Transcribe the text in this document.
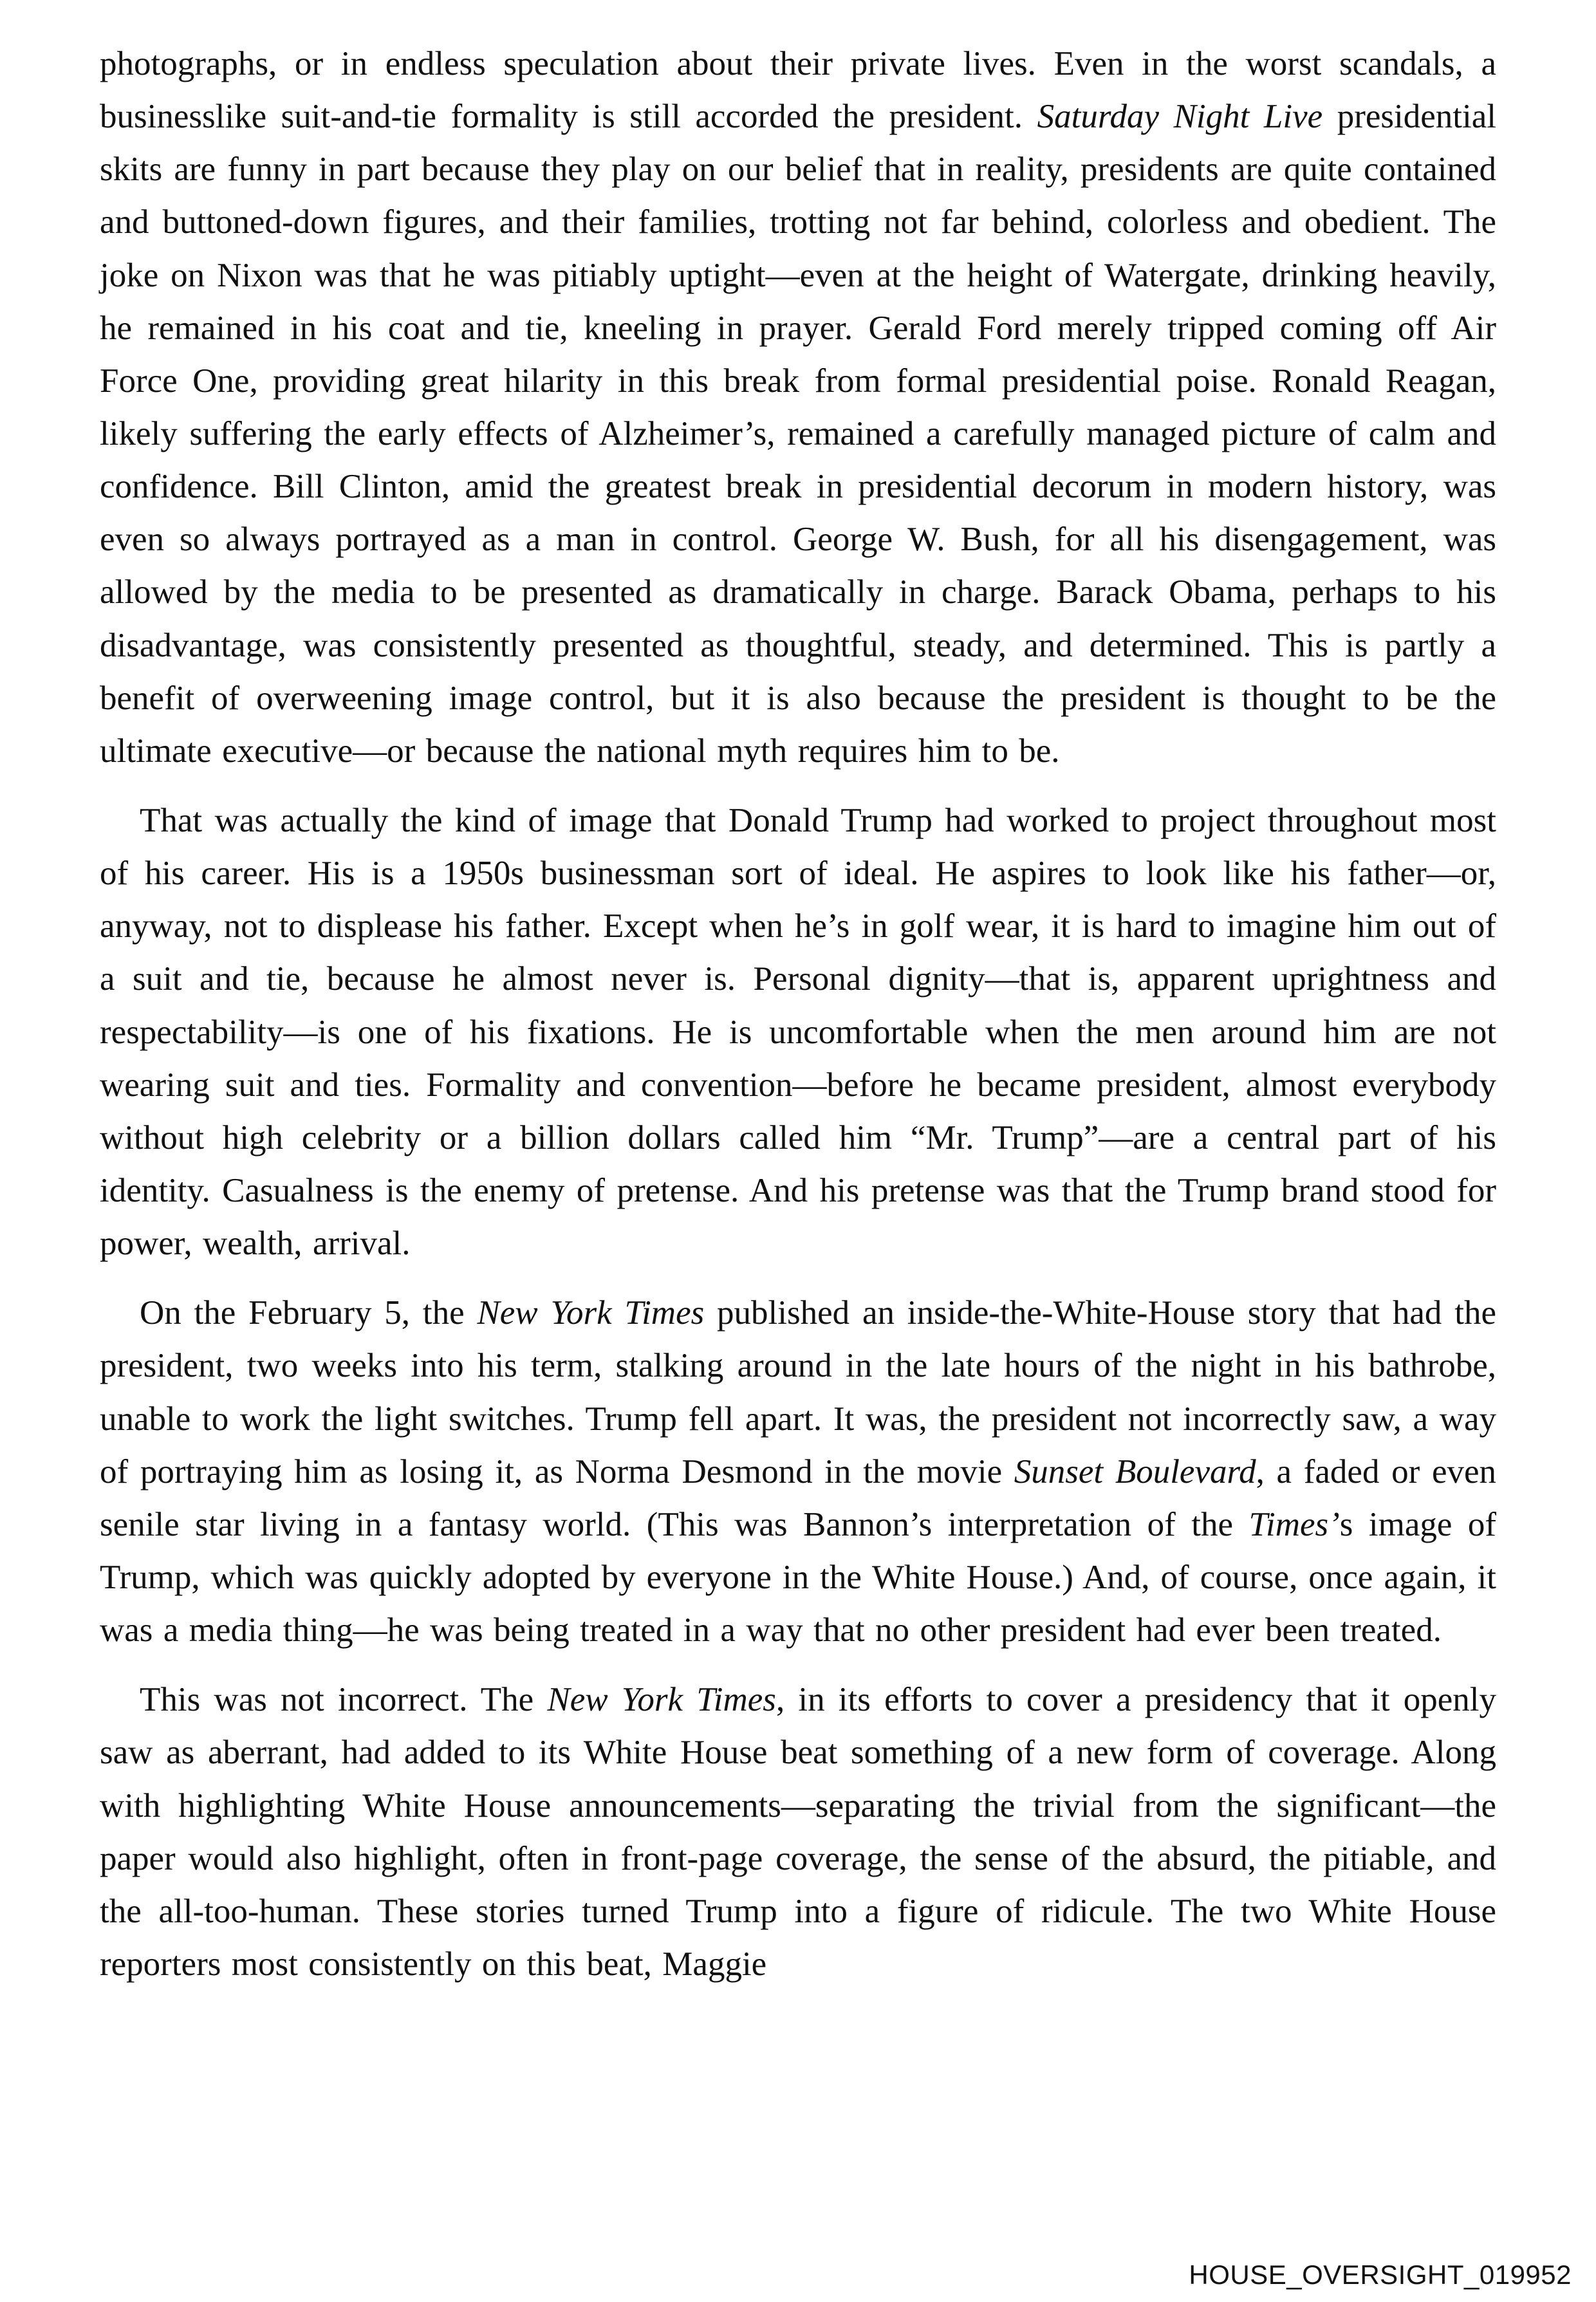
photographs, or in endless speculation about their private lives. Even in the worst scandals, a businesslike suit-and-tie formality is still accorded the president. Saturday Night Live presidential skits are funny in part because they play on our belief that in reality, presidents are quite contained and buttoned-down figures, and their families, trotting not far behind, colorless and obedient. The joke on Nixon was that he was pitiably uptight—even at the height of Watergate, drinking heavily, he remained in his coat and tie, kneeling in prayer. Gerald Ford merely tripped coming off Air Force One, providing great hilarity in this break from formal presidential poise. Ronald Reagan, likely suffering the early effects of Alzheimer’s, remained a carefully managed picture of calm and confidence. Bill Clinton, amid the greatest break in presidential decorum in modern history, was even so always portrayed as a man in control. George W. Bush, for all his disengagement, was allowed by the media to be presented as dramatically in charge. Barack Obama, perhaps to his disadvantage, was consistently presented as thoughtful, steady, and determined. This is partly a benefit of overweening image control, but it is also because the president is thought to be the ultimate executive—or because the national myth requires him to be.

That was actually the kind of image that Donald Trump had worked to project throughout most of his career. His is a 1950s businessman sort of ideal. He aspires to look like his father—or, anyway, not to displease his father. Except when he’s in golf wear, it is hard to imagine him out of a suit and tie, because he almost never is. Personal dignity—that is, apparent uprightness and respectability—is one of his fixations. He is uncomfortable when the men around him are not wearing suit and ties. Formality and convention—before he became president, almost everybody without high celebrity or a billion dollars called him “Mr. Trump”—are a central part of his identity. Casualness is the enemy of pretense. And his pretense was that the Trump brand stood for power, wealth, arrival.

On the February 5, the New York Times published an inside-the-White-House story that had the president, two weeks into his term, stalking around in the late hours of the night in his bathrobe, unable to work the light switches. Trump fell apart. It was, the president not incorrectly saw, a way of portraying him as losing it, as Norma Desmond in the movie Sunset Boulevard, a faded or even senile star living in a fantasy world. (This was Bannon’s interpretation of the Times’s image of Trump, which was quickly adopted by everyone in the White House.) And, of course, once again, it was a media thing—he was being treated in a way that no other president had ever been treated.

This was not incorrect. The New York Times, in its efforts to cover a presidency that it openly saw as aberrant, had added to its White House beat something of a new form of coverage. Along with highlighting White House announcements—separating the trivial from the significant—the paper would also highlight, often in front-page coverage, the sense of the absurd, the pitiable, and the all-too-human. These stories turned Trump into a figure of ridicule. The two White House reporters most consistently on this beat, Maggie

HOUSE_OVERSIGHT_019952
